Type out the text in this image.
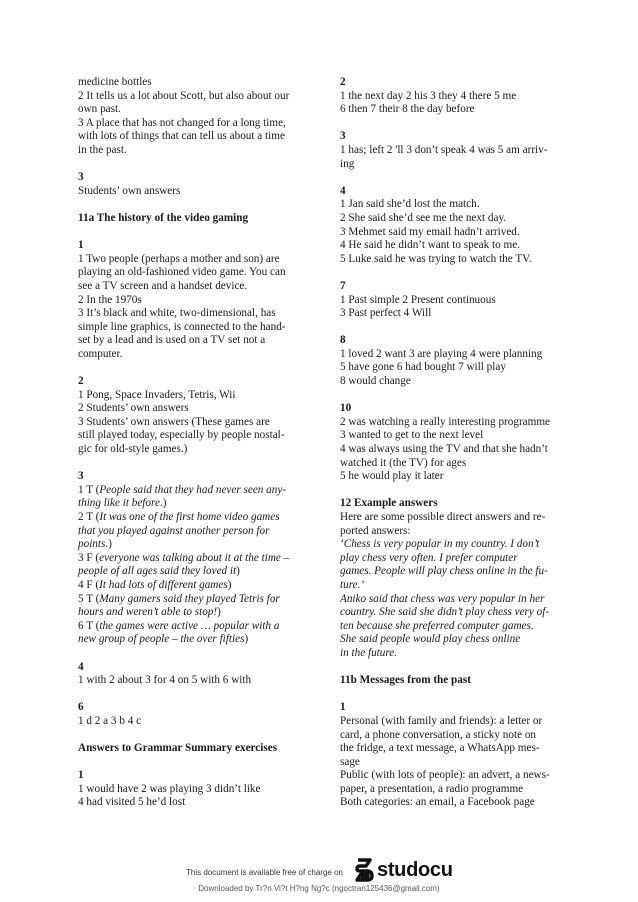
medicine bottles
2 It tells us a lot about Scott, but also about our
own past.
3 A place that has not changed for a long time,
with lots of things that can tell us about a time
in the past.
3
Students’ own answers
11a The history of the video gaming
1
1 Two people (perhaps a mother and son) are
playing an old-fashioned video game. You can
see a TV screen and a handset device.
2 In the 1970s
3 It’s black and white, two-dimensional, has
simple line graphics, is connected to the hand-
set by a lead and is used on a TV set not a
computer.
2
1 Pong, Space Invaders, Tetris, Wii
2 Students’ own answers
3 Students’ own answers (These games are
still played today, especially by people nostal-
gic for old-style games.)
3
1 T (People said that they had never seen any-
thing like it before.)
2 T (It was one of the first home video games
that you played against another person for
points.)
3 F (everyone was talking about it at the time –
people of all ages said they loved it)
4 F (It had lots of different games)
5 T (Many gamers said they played Tetris for
hours and weren’t able to stop!)
6 T (the games were active … popular with a
new group of people – the over fifties)
4
1 with 2 about 3 for 4 on 5 with 6 with
6
1 d 2 a 3 b 4 c
Answers to Grammar Summary exercises
1
1 would have 2 was playing 3 didn’t like
4 had visited 5 he’d lost
2
1 the next day 2 his 3 they 4 there 5 me
6 then 7 their 8 the day before
3
1 has; left 2 'll 3 don’t speak 4 was 5 am arriv-
ing
4
1 Jan said she’d lost the match.
2 She said she’d see me the next day.
3 Mehmet said my email hadn’t arrived.
4 He said he didn’t want to speak to me.
5 Luke said he was trying to watch the TV.
7
1 Past simple 2 Present continuous
3 Past perfect 4 Will
8
1 loved 2 want 3 are playing 4 were planning
5 have gone 6 had bought 7 will play
8 would change
10
2 was watching a really interesting programme
3 wanted to get to the next level
4 was always using the TV and that she hadn’t
watched it (the TV) for ages
5 he would play it later
12 Example answers
Here are some possible direct answers and re-
ported answers:
‘Chess is very popular in my country. I don’t
play chess very often. I prefer computer
games. People will play chess online in the fu-
ture.’
Aniko said that chess was very popular in her
country. She said she didn’t play chess very of-
ten because she preferred computer games.
She said people would play chess online
in the future.
11b Messages from the past
1
Personal (with family and friends): a letter or
card, a phone conversation, a sticky note on
the fridge, a text message, a WhatsApp mes-
sage
Public (with lots of people): an advert, a news-
paper, a presentation, a radio programme
Both categories: an email, a Facebook page
This document is available free of charge on studocu
Downloaded by Tr?n Vi?t H?ng Ng?c (ngoctran125436@gmail.com)
